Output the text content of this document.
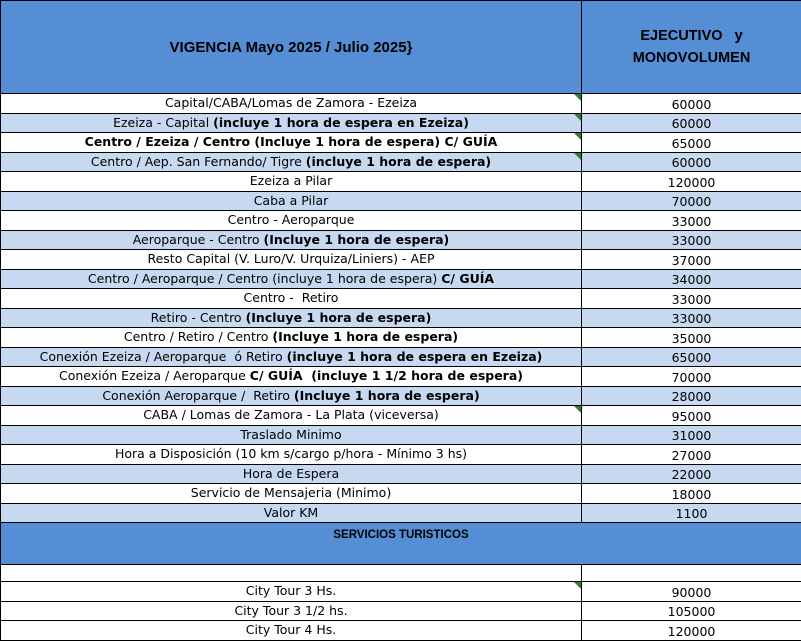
VIGENCIA Mayo 2025 / Julio 2025}	EJECUTIVO   y
MONOVOLUMEN

Capital/CABA/Lomas de Zamora - Ezeiza	60000
Ezeiza - Capital (incluye 1 hora de espera en Ezeiza)	60000
Centro / Ezeiza / Centro (Incluye 1 hora de espera) C/ GUÍA	65000
Centro / Aep. San Fernando/ Tigre (incluye 1 hora de espera)	60000
Ezeiza a Pilar	120000
Caba a Pilar	70000
Centro - Aeroparque	33000
Aeroparque - Centro (Incluye 1 hora de espera)	33000
Resto Capital (V. Luro/V. Urquiza/Liniers) - AEP	37000
Centro / Aeroparque / Centro (incluye 1 hora de espera) C/ GUÍA	34000
Centro -  Retiro	33000
Retiro - Centro (Incluye 1 hora de espera)	33000
Centro / Retiro / Centro (Incluye 1 hora de espera)	35000
Conexión Ezeiza / Aeroparque  ó Retiro (incluye 1 hora de espera en Ezeiza)	65000
Conexión Ezeiza / Aeroparque C/ GUÍA  (incluye 1 1/2 hora de espera)	70000
Conexión Aeroparque /  Retiro (Incluye 1 hora de espera)	28000
CABA / Lomas de Zamora - La Plata (viceversa)	95000
Traslado Minimo	31000
Hora a Disposición (10 km s/cargo p/hora - Mínimo 3 hs)	27000
Hora de Espera	22000
Servicio de Mensajeria (Minimo)	18000
Valor KM	1100
SERVICIOS TURISTICOS	

City Tour 3 Hs.	90000
City Tour 3 1/2 hs.	105000
City Tour 4 Hs.	120000
